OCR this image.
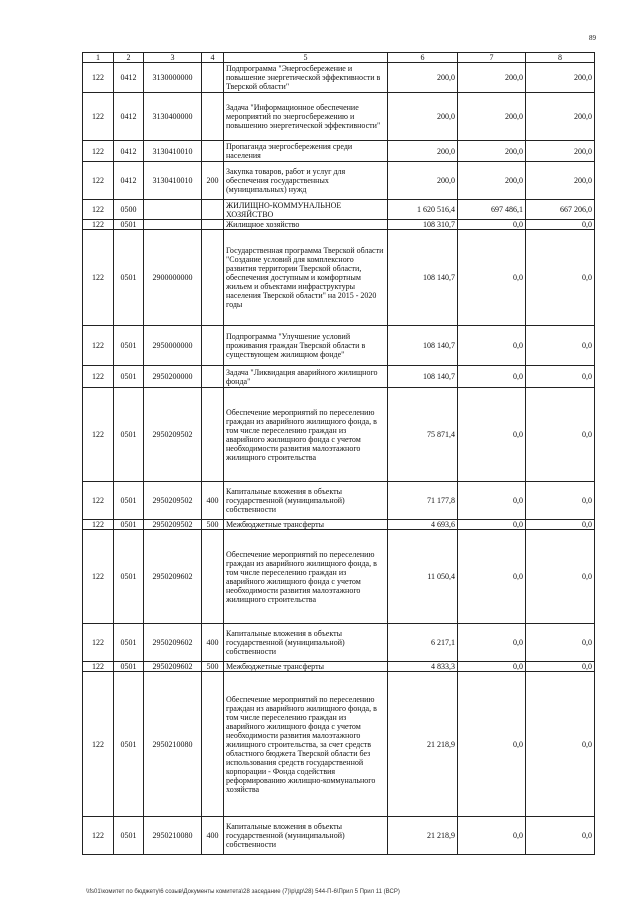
89
1	2	3	4	5	6	7	8
122	0412	3130000000		Подпрограмма "Энергосбережение и повышение энергетической эффективности в Тверской области"	200,0	200,0	200,0
122	0412	3130400000		Задача "Информационное обеспечение мероприятий по энергосбережению и повышению энергетической эффективности"	200,0	200,0	200,0
122	0412	3130410010		Пропаганда энергосбережения среди населения	200,0	200,0	200,0
122	0412	3130410010	200	Закупка товаров, работ и услуг для обеспечения государственных (муниципальных) нужд	200,0	200,0	200,0
122	0500			ЖИЛИЩНО-КОММУНАЛЬНОЕ ХОЗЯЙСТВО	1 620 516,4	697 486,1	667 206,0
122	0501			Жилищное хозяйство	108 310,7	0,0	0,0
122	0501	2900000000		Государственная программа Тверской области "Создание условий для комплексного развития территории Тверской области, обеспечения доступным и комфортным жильем и объектами инфраструктуры населения Тверской области" на 2015 - 2020 годы	108 140,7	0,0	0,0
122	0501	2950000000		Подпрограмма "Улучшение условий проживания граждан Тверской области в существующем жилищном фонде"	108 140,7	0,0	0,0
122	0501	2950200000		Задача "Ликвидация аварийного жилищного фонда"	108 140,7	0,0	0,0
122	0501	2950209502		Обеспечение мероприятий по переселению граждан из аварийного жилищного фонда, в том числе переселению граждан из аварийного жилищного фонда с учетом необходимости развития малоэтажного жилищного строительства	75 871,4	0,0	0,0
122	0501	2950209502	400	Капитальные вложения в объекты государственной (муниципальной) собственности	71 177,8	0,0	0,0
122	0501	2950209502	500	Межбюджетные трансферты	4 693,6	0,0	0,0
122	0501	2950209602		Обеспечение мероприятий по переселению граждан из аварийного жилищного фонда, в том числе переселению граждан из аварийного жилищного фонда с учетом необходимости развития малоэтажного жилищного строительства	11 050,4	0,0	0,0
122	0501	2950209602	400	Капитальные вложения в объекты государственной (муниципальной) собственности	6 217,1	0,0	0,0
122	0501	2950209602	500	Межбюджетные трансферты	4 833,3	0,0	0,0
122	0501	2950210080		Обеспечение мероприятий по переселению граждан из аварийного жилищного фонда, в том числе переселению граждан из аварийного жилищного фонда с учетом необходимости развития малоэтажного жилищного строительства, за счет средств областного бюджета Тверской области без использования средств государственной корпорации - Фонда содействия реформированию жилищно-коммунального хозяйства	21 218,9	0,0	0,0
122	0501	2950210080	400	Капитальные вложения в объекты государственной (муниципальной) собственности	21 218,9	0,0	0,0
\\fs01\комитет по бюджету\6 созыв\Документы комитета\28 заседание (7)\р\др\28) 544-П-6\Прил 5 Прил 11 (ВСР)
